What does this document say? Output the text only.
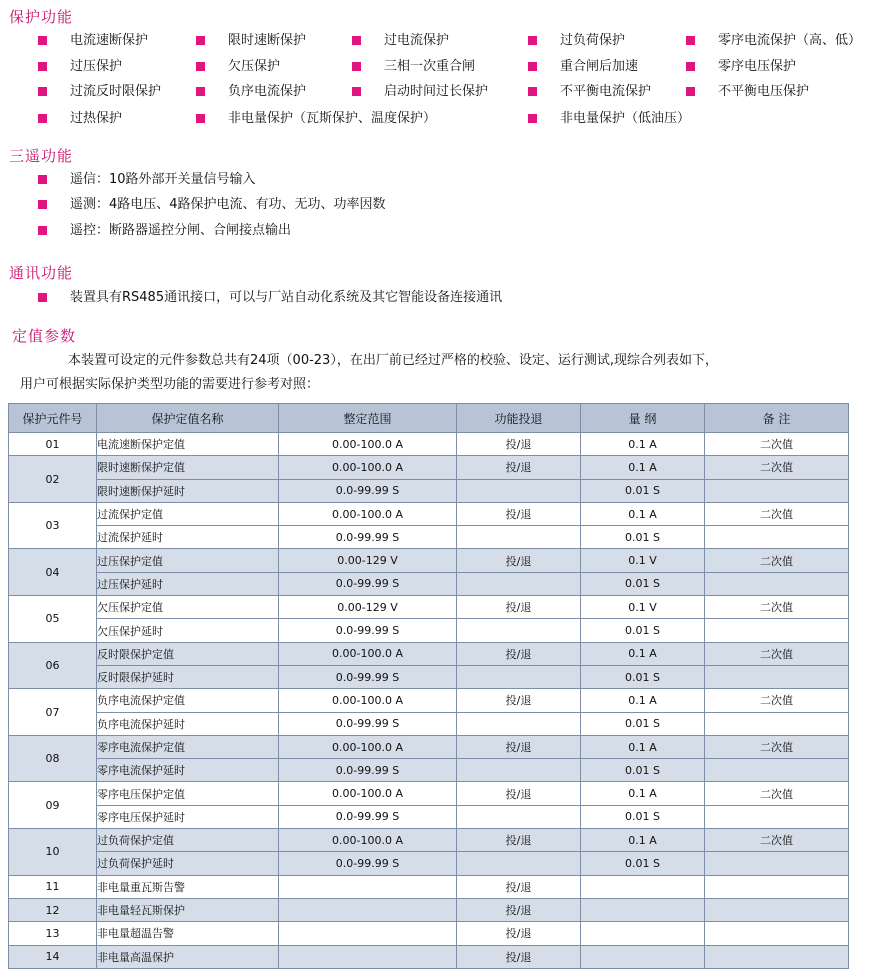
保护功能
电流速断保护	限时速断保护	过电流保护	过负荷保护	零序电流保护（高、低）
过压保护	欠压保护	三相一次重合闸	重合闸后加速	零序电压保护
过流反时限保护	负序电流保护	启动时间过长保护	不平衡电流保护	不平衡电压保护
过热保护	非电量保护（瓦斯保护、温度保护）	非电量保护（低油压）
三遥功能
遥信：10路外部开关量信号输入
遥测：4路电压、4路保护电流、有功、无功、功率因数
遥控：断路器遥控分闸、合闸接点输出
通讯功能
装置具有RS485通讯接口，可以与厂站自动化系统及其它智能设备连接通讯
定值参数
本装置可设定的元件参数总共有24项（00-23），在出厂前已经过严格的校验、设定、运行测试,现综合列表如下，
用户可根据实际保护类型功能的需要进行参考对照：
保护元件号	保护定值名称	整定范围	功能投退	量 纲	备 注
01	电流速断保护定值	0.00-100.0 A	投/退	0.1 A	二次值
02	限时速断保护定值	0.00-100.0 A	投/退	0.1 A	二次值
	限时速断保护延时	0.0-99.99 S		0.01 S	
03	过流保护定值	0.00-100.0 A	投/退	0.1 A	二次值
	过流保护延时	0.0-99.99 S		0.01 S	
04	过压保护定值	0.00-129 V	投/退	0.1 V	二次值
	过压保护延时	0.0-99.99 S		0.01 S	
05	欠压保护定值	0.00-129 V	投/退	0.1 V	二次值
	欠压保护延时	0.0-99.99 S		0.01 S	
06	反时限保护定值	0.00-100.0 A	投/退	0.1 A	二次值
	反时限保护延时	0.0-99.99 S		0.01 S	
07	负序电流保护定值	0.00-100.0 A	投/退	0.1 A	二次值
	负序电流保护延时	0.0-99.99 S		0.01 S	
08	零序电流保护定值	0.00-100.0 A	投/退	0.1 A	二次值
	零序电流保护延时	0.0-99.99 S		0.01 S	
09	零序电压保护定值	0.00-100.0 A	投/退	0.1 A	二次值
	零序电压保护延时	0.0-99.99 S		0.01 S	
10	过负荷保护定值	0.00-100.0 A	投/退	0.1 A	二次值
	过负荷保护延时	0.0-99.99 S		0.01 S	
11	非电量重瓦斯告警		投/退		
12	非电量轻瓦斯保护		投/退		
13	非电量超温告警		投/退		
14	非电量高温保护		投/退		
